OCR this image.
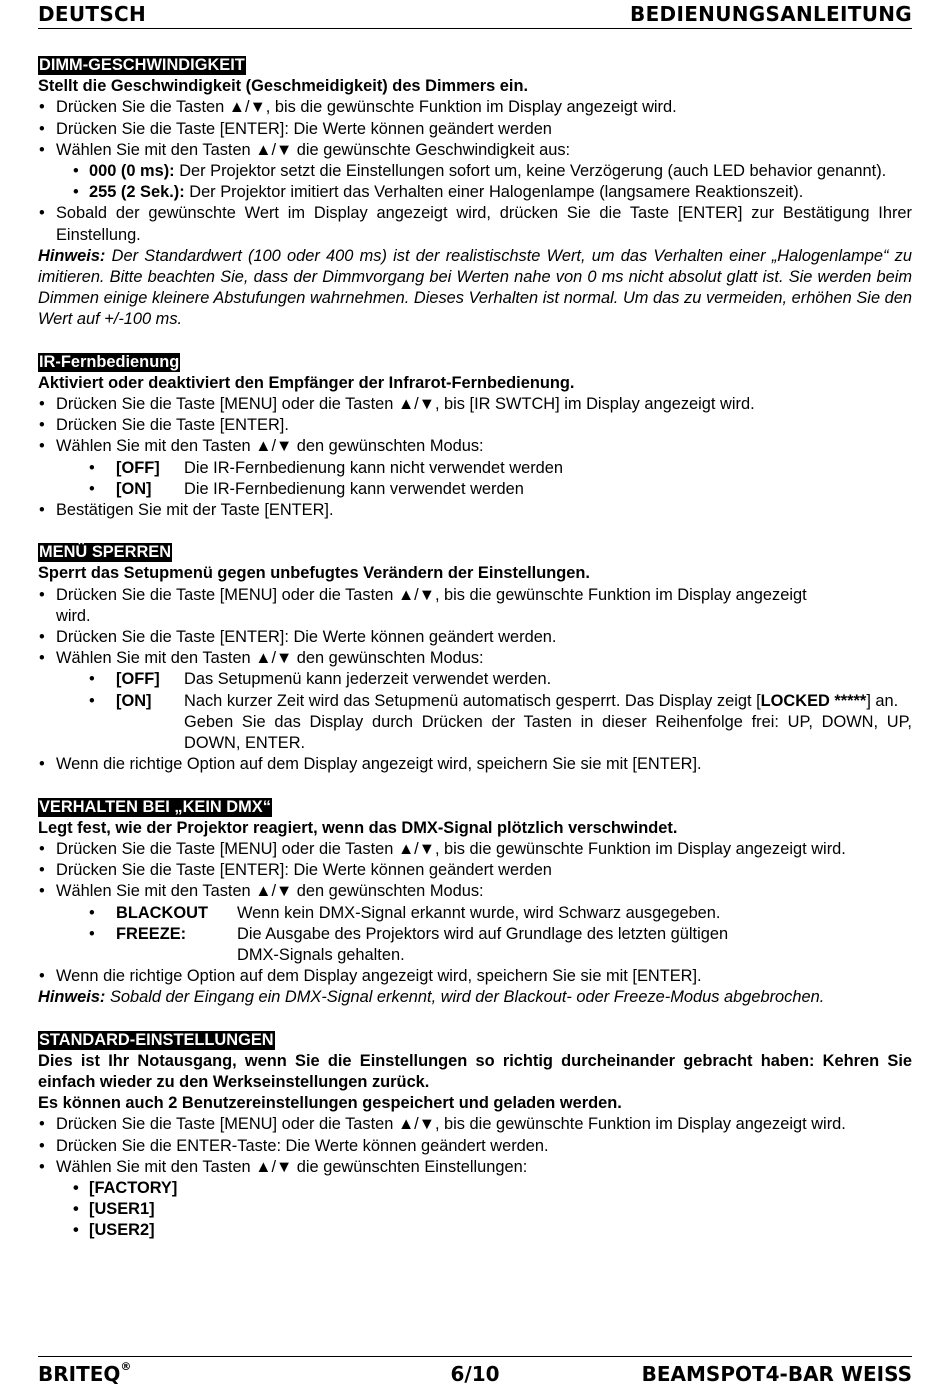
DEUTSCH	BEDIENUNGSANLEITUNG
DIMM-GESCHWINDIGKEIT
Stellt die Geschwindigkeit (Geschmeidigkeit) des Dimmers ein.
• Drücken Sie die Tasten ▲/▼, bis die gewünschte Funktion im Display angezeigt wird.
• Drücken Sie die Taste [ENTER]: Die Werte können geändert werden
• Wählen Sie mit den Tasten ▲/▼ die gewünschte Geschwindigkeit aus:
• 000 (0 ms): Der Projektor setzt die Einstellungen sofort um, keine Verzögerung (auch LED behavior genannt).
• 255 (2 Sek.): Der Projektor imitiert das Verhalten einer Halogenlampe (langsamere Reaktionszeit).
• Sobald der gewünschte Wert im Display angezeigt wird, drücken Sie die Taste [ENTER] zur Bestätigung Ihrer Einstellung.
Hinweis: Der Standardwert (100 oder 400 ms) ist der realistischste Wert, um das Verhalten einer „Halogenlampe“ zu imitieren. Bitte beachten Sie, dass der Dimmvorgang bei Werten nahe von 0 ms nicht absolut glatt ist. Sie werden beim Dimmen einige kleinere Abstufungen wahrnehmen. Dieses Verhalten ist normal. Um das zu vermeiden, erhöhen Sie den Wert auf +/-100 ms.
IR-Fernbedienung
Aktiviert oder deaktiviert den Empfänger der Infrarot-Fernbedienung.
• Drücken Sie die Taste [MENU] oder die Tasten ▲/▼, bis [IR SWTCH] im Display angezeigt wird.
• Drücken Sie die Taste [ENTER].
• Wählen Sie mit den Tasten ▲/▼ den gewünschten Modus:
• [OFF] Die IR-Fernbedienung kann nicht verwendet werden
• [ON] Die IR-Fernbedienung kann verwendet werden
• Bestätigen Sie mit der Taste [ENTER].
MENÜ SPERREN
Sperrt das Setupmenü gegen unbefugtes Verändern der Einstellungen.
• Drücken Sie die Taste [MENU] oder die Tasten ▲/▼, bis die gewünschte Funktion im Display angezeigt wird.
• Drücken Sie die Taste [ENTER]: Die Werte können geändert werden.
• Wählen Sie mit den Tasten ▲/▼ den gewünschten Modus:
• [OFF] Das Setupmenü kann jederzeit verwendet werden.
• [ON] Nach kurzer Zeit wird das Setupmenü automatisch gesperrt. Das Display zeigt [LOCKED *****] an.
Geben Sie das Display durch Drücken der Tasten in dieser Reihenfolge frei: UP, DOWN, UP, DOWN, ENTER.
• Wenn die richtige Option auf dem Display angezeigt wird, speichern Sie sie mit [ENTER].
VERHALTEN BEI „KEIN DMX“
Legt fest, wie der Projektor reagiert, wenn das DMX-Signal plötzlich verschwindet.
• Drücken Sie die Taste [MENU] oder die Tasten ▲/▼, bis die gewünschte Funktion im Display angezeigt wird.
• Drücken Sie die Taste [ENTER]: Die Werte können geändert werden
• Wählen Sie mit den Tasten ▲/▼ den gewünschten Modus:
• BLACKOUT Wenn kein DMX-Signal erkannt wurde, wird Schwarz ausgegeben.
• FREEZE:	Die Ausgabe des Projektors wird auf Grundlage des letzten gültigen
DMX-Signals gehalten.
• Wenn die richtige Option auf dem Display angezeigt wird, speichern Sie sie mit [ENTER].
Hinweis: Sobald der Eingang ein DMX-Signal erkennt, wird der Blackout- oder Freeze-Modus abgebrochen.
STANDARD-EINSTELLUNGEN
Dies ist Ihr Notausgang, wenn Sie die Einstellungen so richtig durcheinander gebracht haben: Kehren Sie einfach wieder zu den Werkseinstellungen zurück.
Es können auch 2 Benutzereinstellungen gespeichert und geladen werden.
• Drücken Sie die Taste [MENU] oder die Tasten ▲/▼, bis die gewünschte Funktion im Display angezeigt wird.
• Drücken Sie die ENTER-Taste: Die Werte können geändert werden.
• Wählen Sie mit den Tasten ▲/▼ die gewünschten Einstellungen:
• [FACTORY]
• [USER1]
• [USER2]
BRITEQ®	6/10	BEAMSPOT4-BAR WEISS
